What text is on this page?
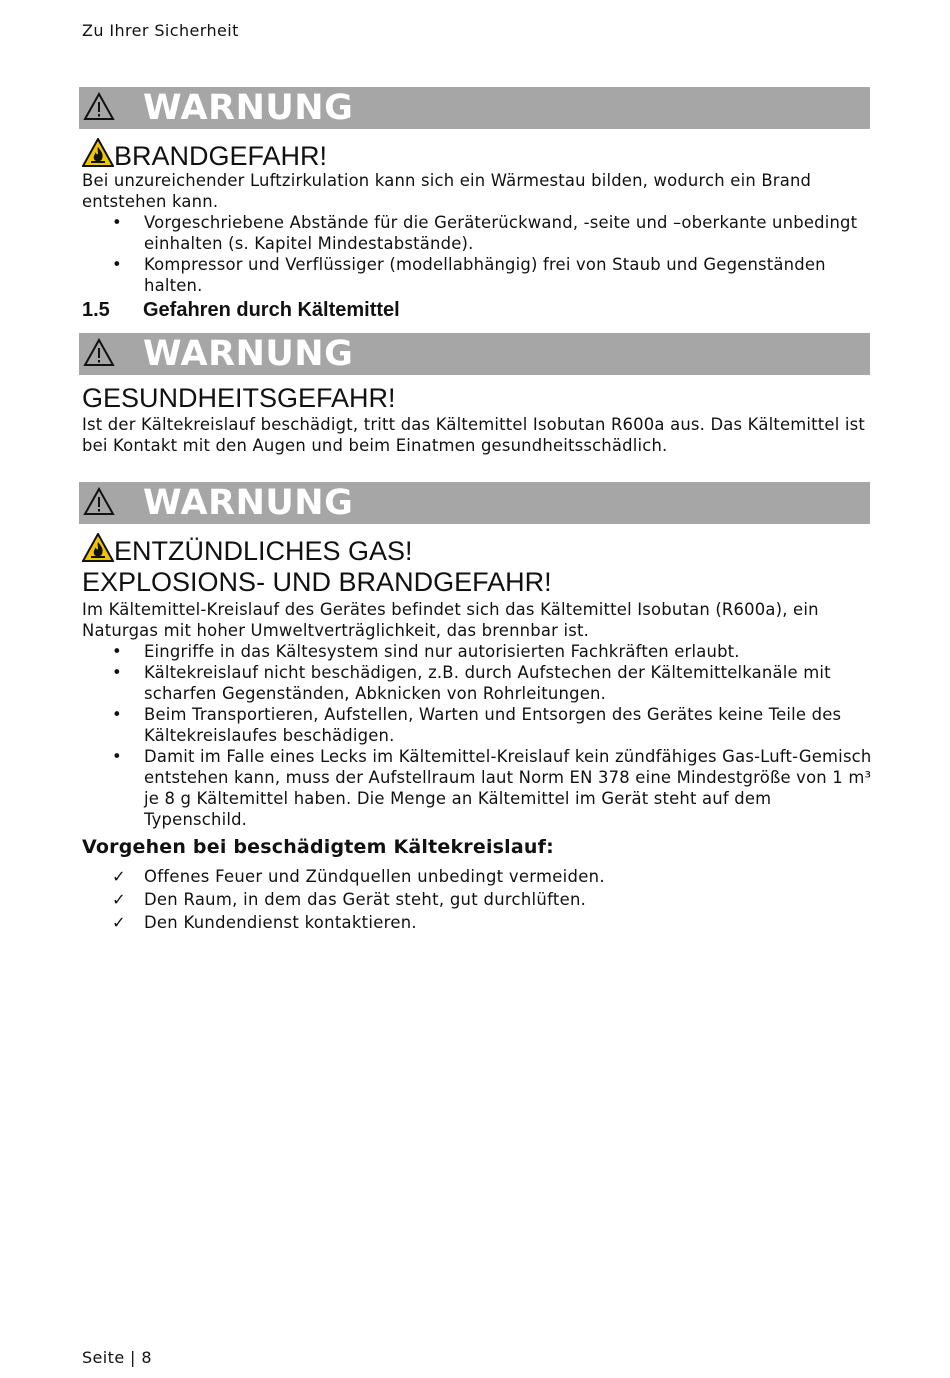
Zu Ihrer Sicherheit
WARNUNG
BRANDGEFAHR!
Bei unzureichender Luftzirkulation kann sich ein Wärmestau bilden, wodurch ein Brand entstehen kann.
• Vorgeschriebene Abstände für die Geräterückwand, -seite und –oberkante unbedingt einhalten (s. Kapitel Mindestabstände).
• Kompressor und Verflüssiger (modellabhängig) frei von Staub und Gegenständen halten.
1.5 Gefahren durch Kältemittel
WARNUNG
GESUNDHEITSGEFAHR!
Ist der Kältekreislauf beschädigt, tritt das Kältemittel Isobutan R600a aus. Das Kältemittel ist bei Kontakt mit den Augen und beim Einatmen gesundheitsschädlich.
WARNUNG
ENTZÜNDLICHES GAS!
EXPLOSIONS- UND BRANDGEFAHR!
Im Kältemittel-Kreislauf des Gerätes befindet sich das Kältemittel Isobutan (R600a), ein Naturgas mit hoher Umweltverträglichkeit, das brennbar ist.
• Eingriffe in das Kältesystem sind nur autorisierten Fachkräften erlaubt.
• Kältekreislauf nicht beschädigen, z.B. durch Aufstechen der Kältemittelkanäle mit scharfen Gegenständen, Abknicken von Rohrleitungen.
• Beim Transportieren, Aufstellen, Warten und Entsorgen des Gerätes keine Teile des Kältekreislaufes beschädigen.
• Damit im Falle eines Lecks im Kältemittel-Kreislauf kein zündfähiges Gas-Luft-Gemisch entstehen kann, muss der Aufstellraum laut Norm EN 378 eine Mindestgröße von 1 m³ je 8 g Kältemittel haben. Die Menge an Kältemittel im Gerät steht auf dem Typenschild.
Vorgehen bei beschädigtem Kältekreislauf:
✓ Offenes Feuer und Zündquellen unbedingt vermeiden.
✓ Den Raum, in dem das Gerät steht, gut durchlüften.
✓ Den Kundendienst kontaktieren.
Seite | 8
